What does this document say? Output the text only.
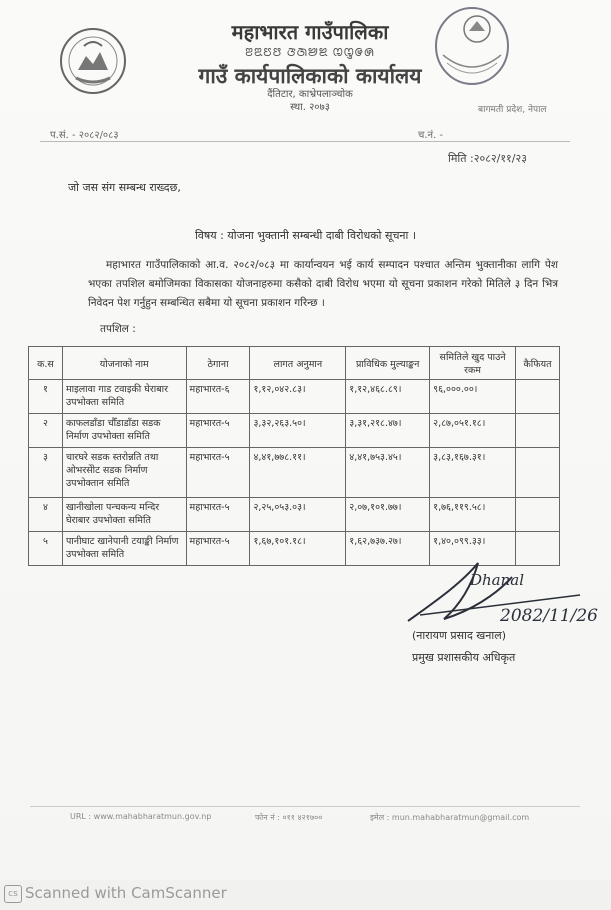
महाभारत गाउँपालिका
ꢂꢃꢄꢅ ꢆꢇꢈꢉ ꢊꢋꢌꢍ
गाउँ कार्यपालिकाको कार्यालय
दैंतिटार, काभ्रेपलाञ्चोक
स्था. २०७३	बागमती प्रदेश, नेपाल
प.सं. - २०८२/०८३	च.नं. -
मिति :२०८२/११/२३
जो जस संग सम्बन्ध राख्दछ,
विषय : योजना भुक्तानी सम्बन्धी दाबी विरोधको सूचना ।
महाभारत गाउँपालिकाको आ.व. २०८२/०८३ मा कार्यान्वयन भई कार्य सम्पादन पश्चात अन्तिम भुक्तानीका लागि पेश भएका तपशिल बमोजिमका विकासका योजनाहरुमा कसैको दाबी विरोध भएमा यो सूचना प्रकाशन गरेको मितिले ३ दिन भित्र निवेदन पेश गर्नुहुन सम्बन्धित सबैमा यो सूचना प्रकाशन गरिन्छ ।
तपशिल :
क.स	योजनाको नाम	ठेगाना	लागत अनुमान	प्राविधिक मुल्याङ्कन	समितिले खुद पाउने रकम	कैफियत
१	माइलावा गाड टवाइकी घेराबार उपभोक्ता समिति	महाभारत-६	१,१२,०४२.८३।	१,१२,४६८.८९।	९६,०००.००।	
२	काफलडाँडा चौँडाडाँडा सडक निर्माण उपभोक्ता समिति	महाभारत-५	३,३२,२६३.५०।	३,३१,२१८.४७।	२,८७,०५१.१८।	
३	चारघरे सडक स्तरोन्नति तथा ओभरसेोट सडक निर्माण उपभोक्तान समिति	महाभारत-५	४,४१,७७८.११।	४,४१,७५३.४५।	३,८३,१६७.३१।	
४	खानीखोला पन्चकन्य मन्दिर घेराबार उपभोक्ता समिति	महाभारत-५	२,२५,०५३.०३।	२,०७,१०१.७७।	१,७६,११९.५८।	
५	पानीघाट खानेपानी टयाङ्की निर्माण उपभोक्ता समिति	महाभारत-५	१,६७,१०१.१८।	१,६२,७३७.२७।	१,४०,०९९.३३।	
Dhanal
2082/11/26
(नारायण प्रसाद खनाल)
प्रमुख प्रशासकीय अधिकृत
URL : www.mahabharatmun.gov.np	फोन नं : ०११ ४२१७००	इमेल : mun.mahabharatmun@gmail.com
cs Scanned with CamScanner
